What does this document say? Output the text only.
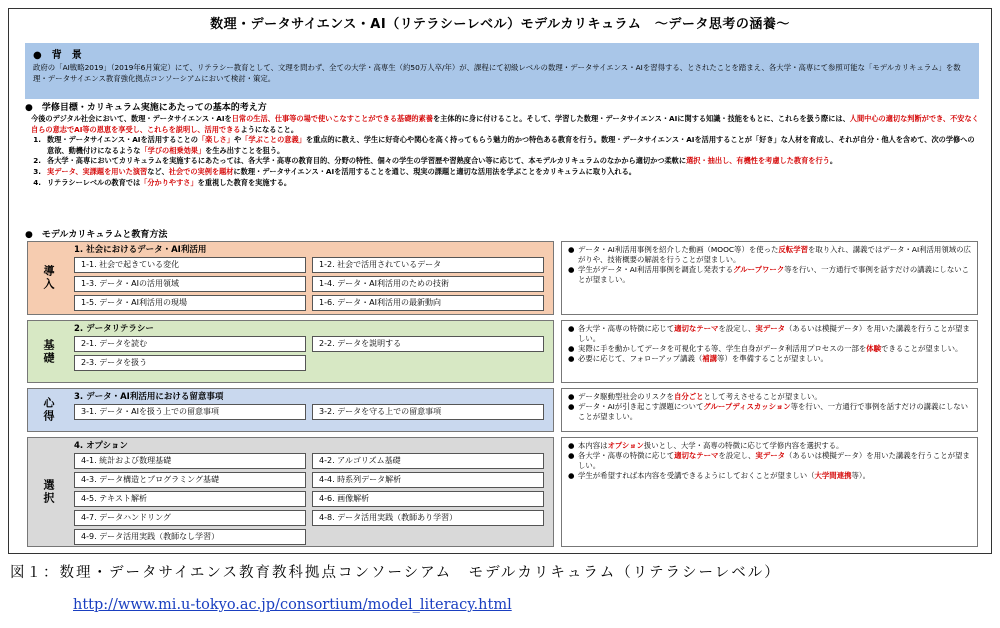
数理・データサイエンス・AI（リテラシーレベル）モデルカリキュラム　～データ思考の涵養～
●　背　景
政府の「AI戦略2019」（2019年6月策定）にて、リテラシー教育として、文理を問わず、全ての大学・高専生（約50万人卒/年）が、課程にて初級レベルの数理・データサイエンス・AIを習得する、とされたことを踏まえ、各大学・高専にて参照可能な「モデルカリキュラム」を数理・データサイエンス教育強化拠点コンソーシアムにおいて検討・策定。
●　学修目標・カリキュラム実施にあたっての基本的考え方
今後のデジタル社会において、数理・データサイエンス・AIを日常の生活、仕事等の場で使いこなすことができる基礎的素養を主体的に身に付けること。そして、学習した数理・データサイエンス・AIに関する知識・技能をもとに、これらを扱う際には、人間中心の適切な判断ができ、不安なく自らの意志でAI等の恩恵を享受し、これらを説明し、活用できるようになること。
1. 数理・データサイエンス・AIを活用することの「楽しさ」や「学ぶことの意義」を重点的に教え、学生に好奇心や関心を高く持ってもらう魅力的かつ特色ある教育を行う。数理・データサイエンス・AIを活用することが「好き」な人材を育成し、それが自分・他人を含めて、次の学修への意欲、動機付けになるような「学びの相乗効果」を生み出すことを狙う。
2. 各大学・高専においてカリキュラムを実施するにあたっては、各大学・高専の教育目的、分野の特性、個々の学生の学習歴や習熟度合い等に応じて、本モデルカリキュラムのなかから適切かつ柔軟に選択・抽出し、有機性を考慮した教育を行う。
3. 実データ、実課題を用いた演習など、社会での実例を題材に数理・データサイエンス・AIを活用することを通じ、現実の課題と適切な活用法を学ぶことをカリキュラムに取り入れる。
4. リテラシーレベルの教育では「分かりやすさ」を重視した教育を実施する。
●　モデルカリキュラムと教育方法
導入
1. 社会におけるデータ・AI利活用
1-1. 社会で起きている変化	1-2. 社会で活用されているデータ
1-3. データ・AIの活用領域	1-4. データ・AI利活用のための技術
1-5. データ・AI利活用の現場	1-6. データ・AI利活用の最新動向
● データ・AI利活用事例を紹介した動画（MOOC等）を使った反転学習を取り入れ、講義ではデータ・AI利活用領域の広がりや、技術概要の解説を行うことが望ましい。
● 学生がデータ・AI利活用事例を調査し発表するグループワーク等を行い、一方通行で事例を話すだけの講義にしないことが望ましい。
基礎
2. データリテラシー
2-1. データを読む	2-2. データを説明する
2-3. データを扱う
● 各大学・高専の特徴に応じて適切なテーマを設定し、実データ（あるいは模擬データ）を用いた講義を行うことが望ましい。
● 実際に手を動かしてデータを可視化する等、学生自身がデータ利活用プロセスの一部を体験できることが望ましい。
● 必要に応じて、フォローアップ講義（補講等）を準備することが望ましい。
心得	3. データ・AI利活用における留意事項
3-1. データ・AIを扱う上での留意事項	3-2. データを守る上での留意事項
● データ駆動型社会のリスクを自分ごととして考えさせることが望ましい。
● データ・AIが引き起こす課題についてグループディスカッション等を行い、一方通行で事例を話すだけの講義にしないことが望ましい。
選択
4. オプション
4-1. 統計および数理基礎	4-2. アルゴリズム基礎
4-3. データ構造とプログラミング基礎	4-4. 時系列データ解析
4-5. テキスト解析	4-6. 画像解析
4-7. データハンドリング	4-8. データ活用実践（教師あり学習）
4-9. データ活用実践（教師なし学習）
● 本内容はオプション扱いとし、大学・高専の特徴に応じて学修内容を選択する。
● 各大学・高専の特徴に応じて適切なテーマを設定し、実データ（あるいは模擬データ）を用いた講義を行うことが望ましい。
● 学生が希望すれば本内容を受講できるようにしておくことが望ましい（大学間連携等）。
図１：数理・データサイエンス教育教科拠点コンソーシアム　モデルカリキュラム（リテラシーレベル）
http://www.mi.u-tokyo.ac.jp/consortium/model_literacy.html
